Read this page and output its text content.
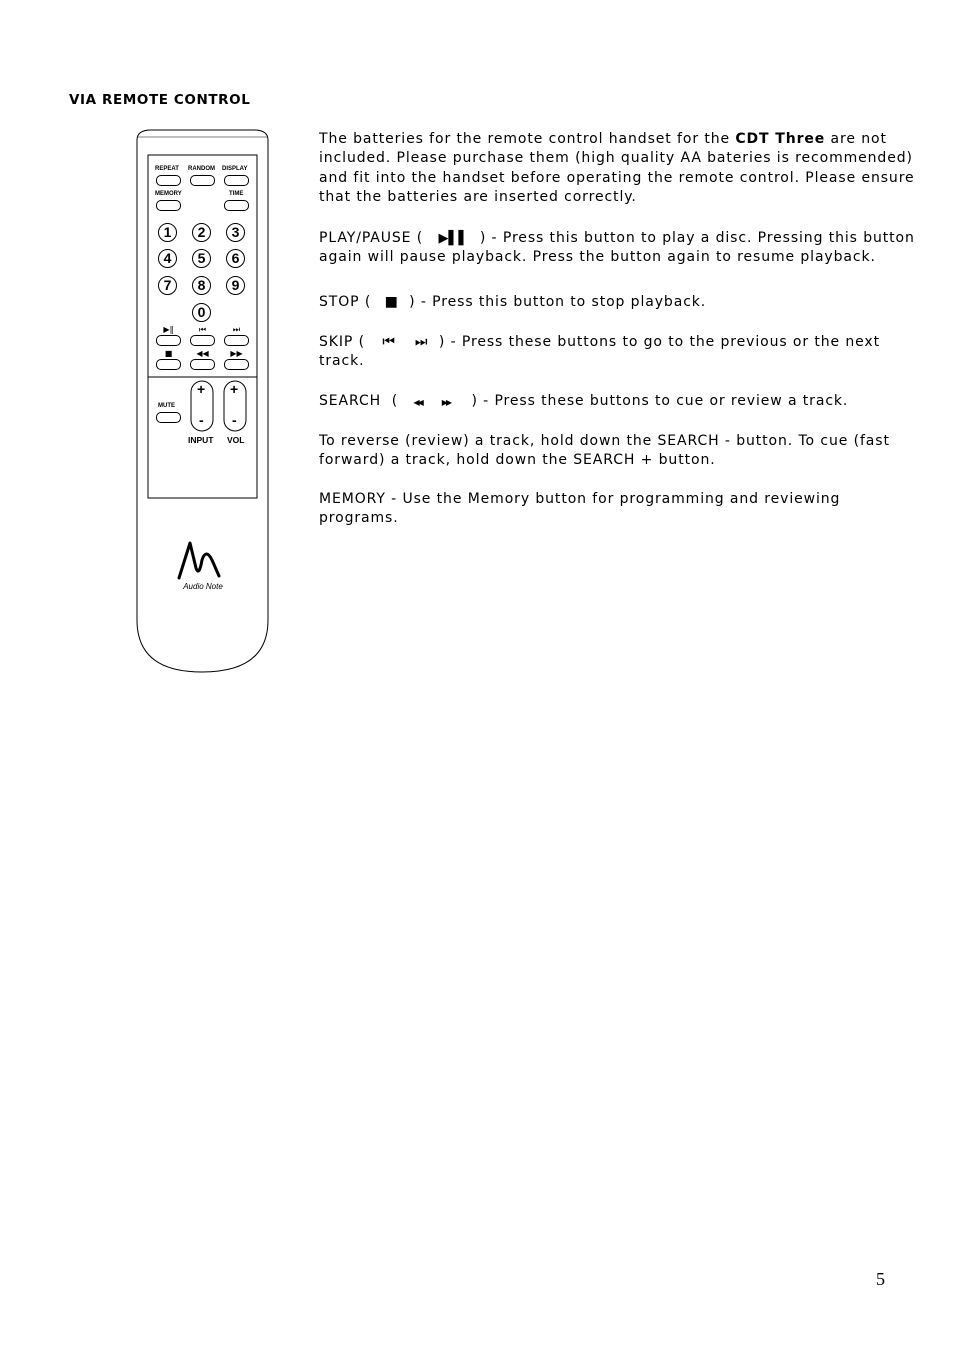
VIA REMOTE CONTROL
REPEAT RANDOM DISPLAY
MEMORY	TIME
1	2	3
4	5	6
7	8	9
0
▶‖	⏮	⏭
■	◀◀	▶▶
MUTE
+
-
+
-
INPUT VOL
Audio Note

The batteries for the remote control handset for the CDT Three are not included. Please purchase them (high quality AA bateries is recommended) and fit into the handset before operating the remote control. Please ensure that the batteries are inserted correctly.

PLAY/PAUSE ( ▶▌▌ ) - Press this button to play a disc. Pressing this button again will pause playback. Press the button again to resume playback.

STOP ( ■ ) - Press this button to stop playback.

SKIP ( ⏮ ⏭ ) - Press these buttons to go to the previous or the next track.

SEARCH  ( ◀◀	▶▶ ) - Press these buttons to cue or review a track.

To reverse (review) a track, hold down the SEARCH - button. To cue (fast forward) a track, hold down the SEARCH + button.

MEMORY - Use the Memory button for programming and reviewing programs.

5
